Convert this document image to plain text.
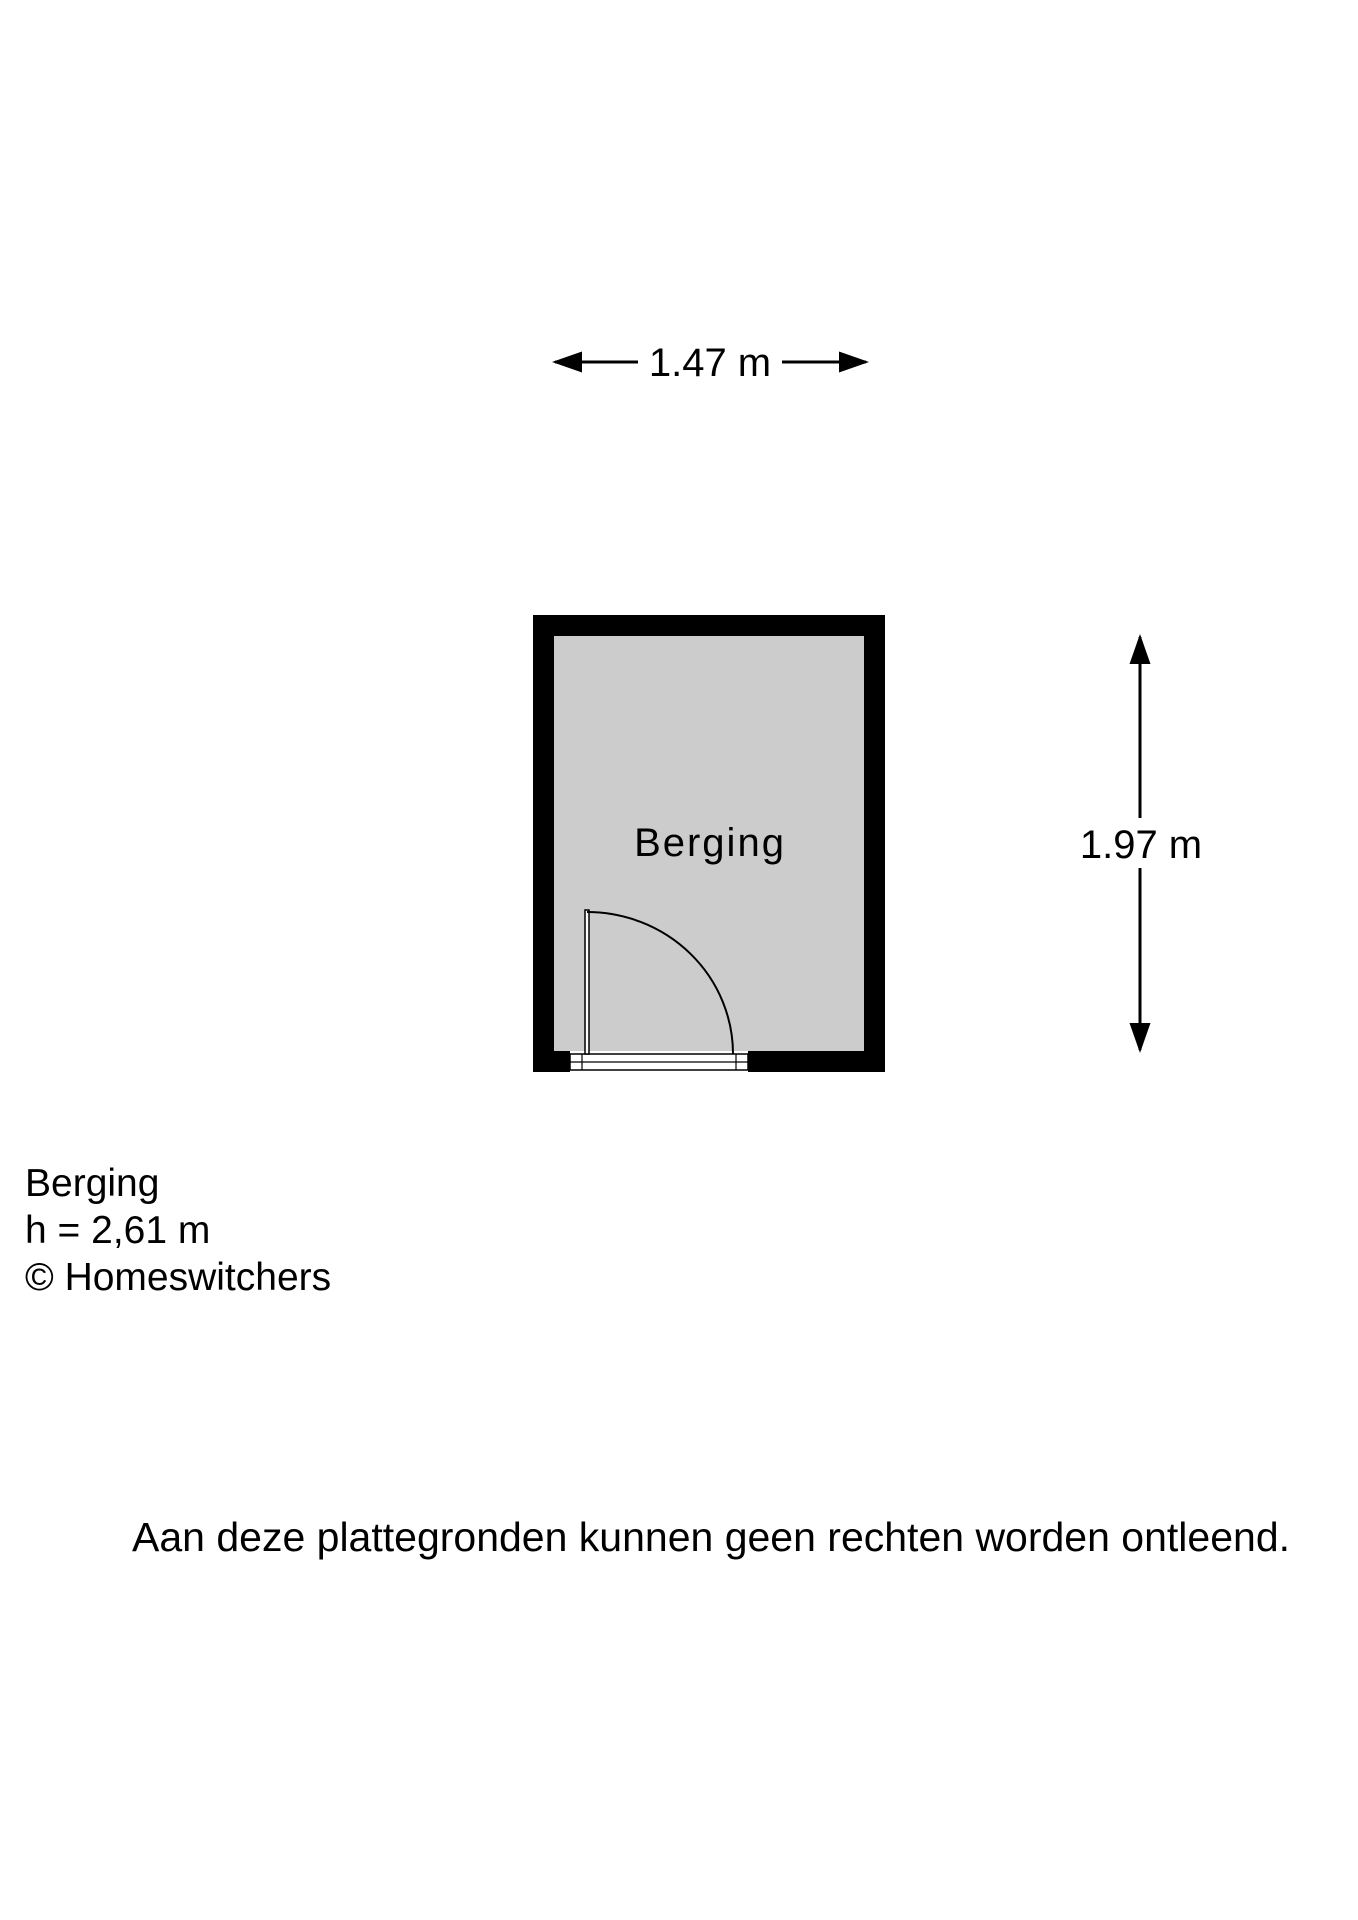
1.47 m
Berging	1.97 m
Berging
h = 2,61 m
© Homeswitchers
Aan deze plattegronden kunnen geen rechten worden ontleend.
